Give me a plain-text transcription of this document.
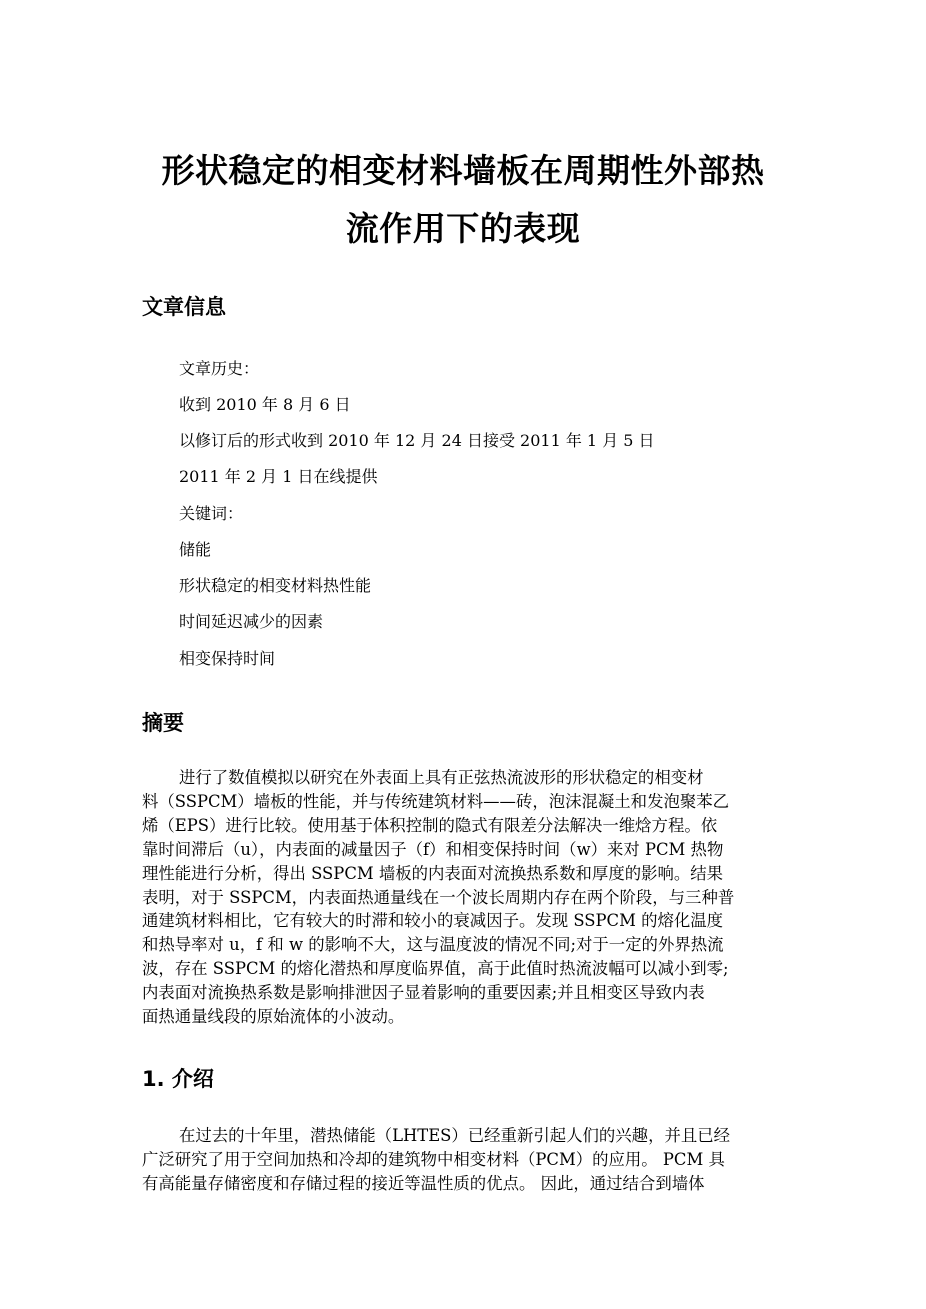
形状稳定的相变材料墙板在周期性外部热
流作用下的表现
文章信息
文章历史：
收到 2010 年 8 月 6 日
以修订后的形式收到 2010 年 12 月 24 日接受 2011 年 1 月 5 日
2011 年 2 月 1 日在线提供
关键词：
储能
形状稳定的相变材料热性能
时间延迟减少的因素
相变保持时间
摘要
进行了数值模拟以研究在外表面上具有正弦热流波形的形状稳定的相变材
料（SSPCM）墙板的性能，并与传统建筑材料——砖，泡沫混凝土和发泡聚苯乙
烯（EPS）进行比较。使用基于体积控制的隐式有限差分法解决一维焓方程。依
靠时间滞后（u），内表面的减量因子（f）和相变保持时间（w）来对 PCM 热物
理性能进行分析，得出 SSPCM 墙板的内表面对流换热系数和厚度的影响。结果
表明，对于 SSPCM，内表面热通量线在一个波长周期内存在两个阶段，与三种普
通建筑材料相比，它有较大的时滞和较小的衰减因子。发现 SSPCM 的熔化温度
和热导率对 u，f 和 w 的影响不大，这与温度波的情况不同;对于一定的外界热流
波，存在 SSPCM 的熔化潜热和厚度临界值，高于此值时热流波幅可以减小到零;
内表面对流换热系数是影响排泄因子显着影响的重要因素;并且相变区导致内表
面热通量线段的原始流体的小波动。
1. 介绍
在过去的十年里，潜热储能（LHTES）已经重新引起人们的兴趣，并且已经
广泛研究了用于空间加热和冷却的建筑物中相变材料（PCM）的应用。 PCM 具
有高能量存储密度和存储过程的接近等温性质的优点。 因此，通过结合到墙体
